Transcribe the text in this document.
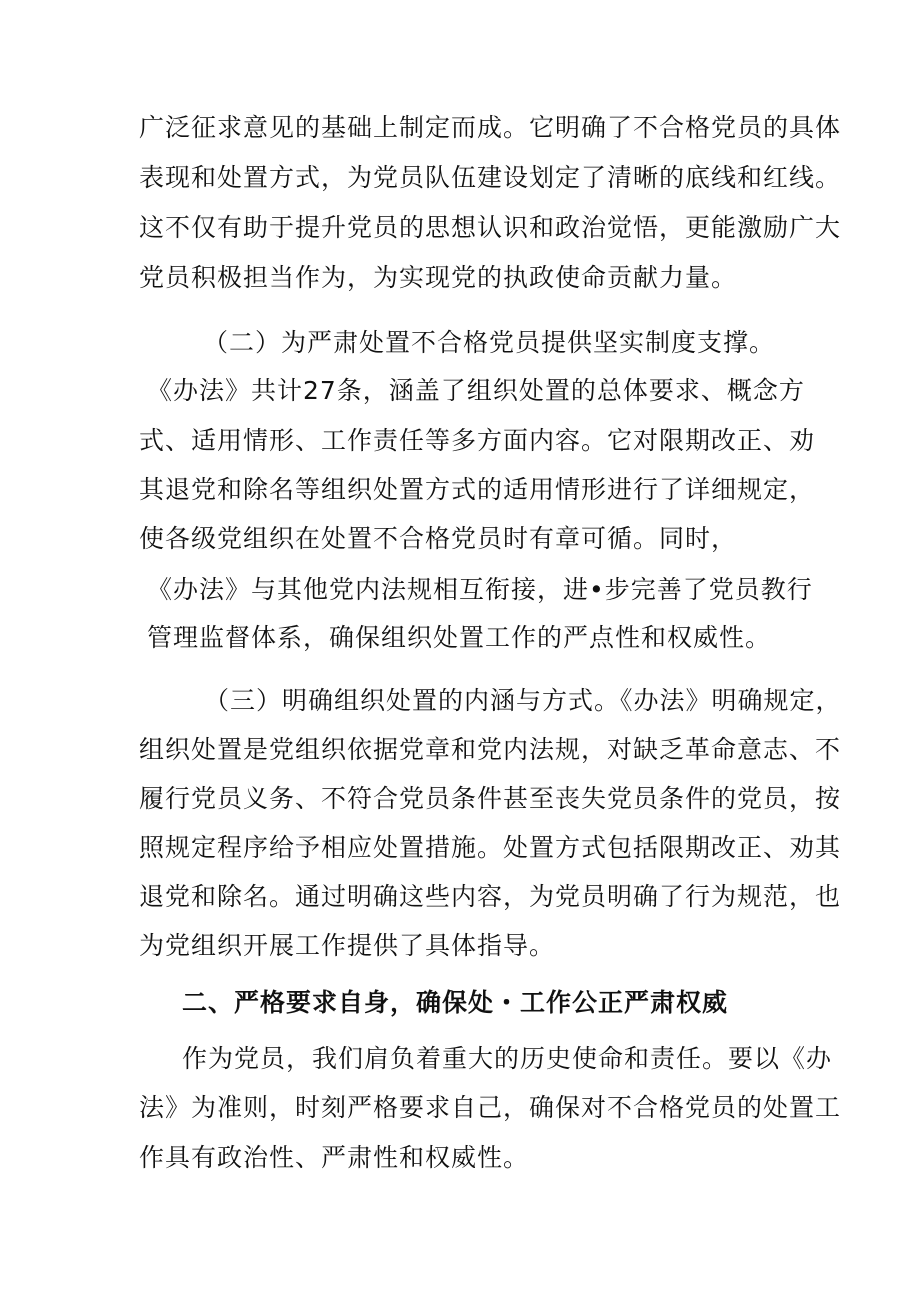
广泛征求意见的基础上制定而成。它明确了不合格党员的具体
表现和处置方式，为党员队伍建设划定了清晰的底线和红线。
这不仅有助于提升党员的思想认识和政治觉悟，更能激励广大
党员积极担当作为，为实现党的执政使命贡献力量。
（二）为严肃处置不合格党员提供坚实制度支撑。
《办法》共计27条，涵盖了组织处置的总体要求、概念方
式、适用情形、工作责任等多方面内容。它对限期改正、劝
其退党和除名等组织处置方式的适用情形进行了详细规定，
使各级党组织在处置不合格党员时有章可循。同时，
《办法》与其他党内法规相互衔接，进•步完善了党员教行
管理监督体系，确保组织处置工作的严点性和权威性。
（三）明确组织处置的内涵与方式。《办法》明确规定，
组织处置是党组织依据党章和党内法规，对缺乏革命意志、不
履行党员义务、不符合党员条件甚至丧失党员条件的党员，按
照规定程序给予相应处置措施。处置方式包括限期改正、劝其
退党和除名。通过明确这些内容，为党员明确了行为规范，也
为党组织开展工作提供了具体指导。
二、严格要求自身，确保处・工作公正严肃权威
作为党员，我们肩负着重大的历史使命和责任。要以《办
法》为准则，时刻严格要求自己，确保对不合格党员的处置工
作具有政治性、严肃性和权威性。
